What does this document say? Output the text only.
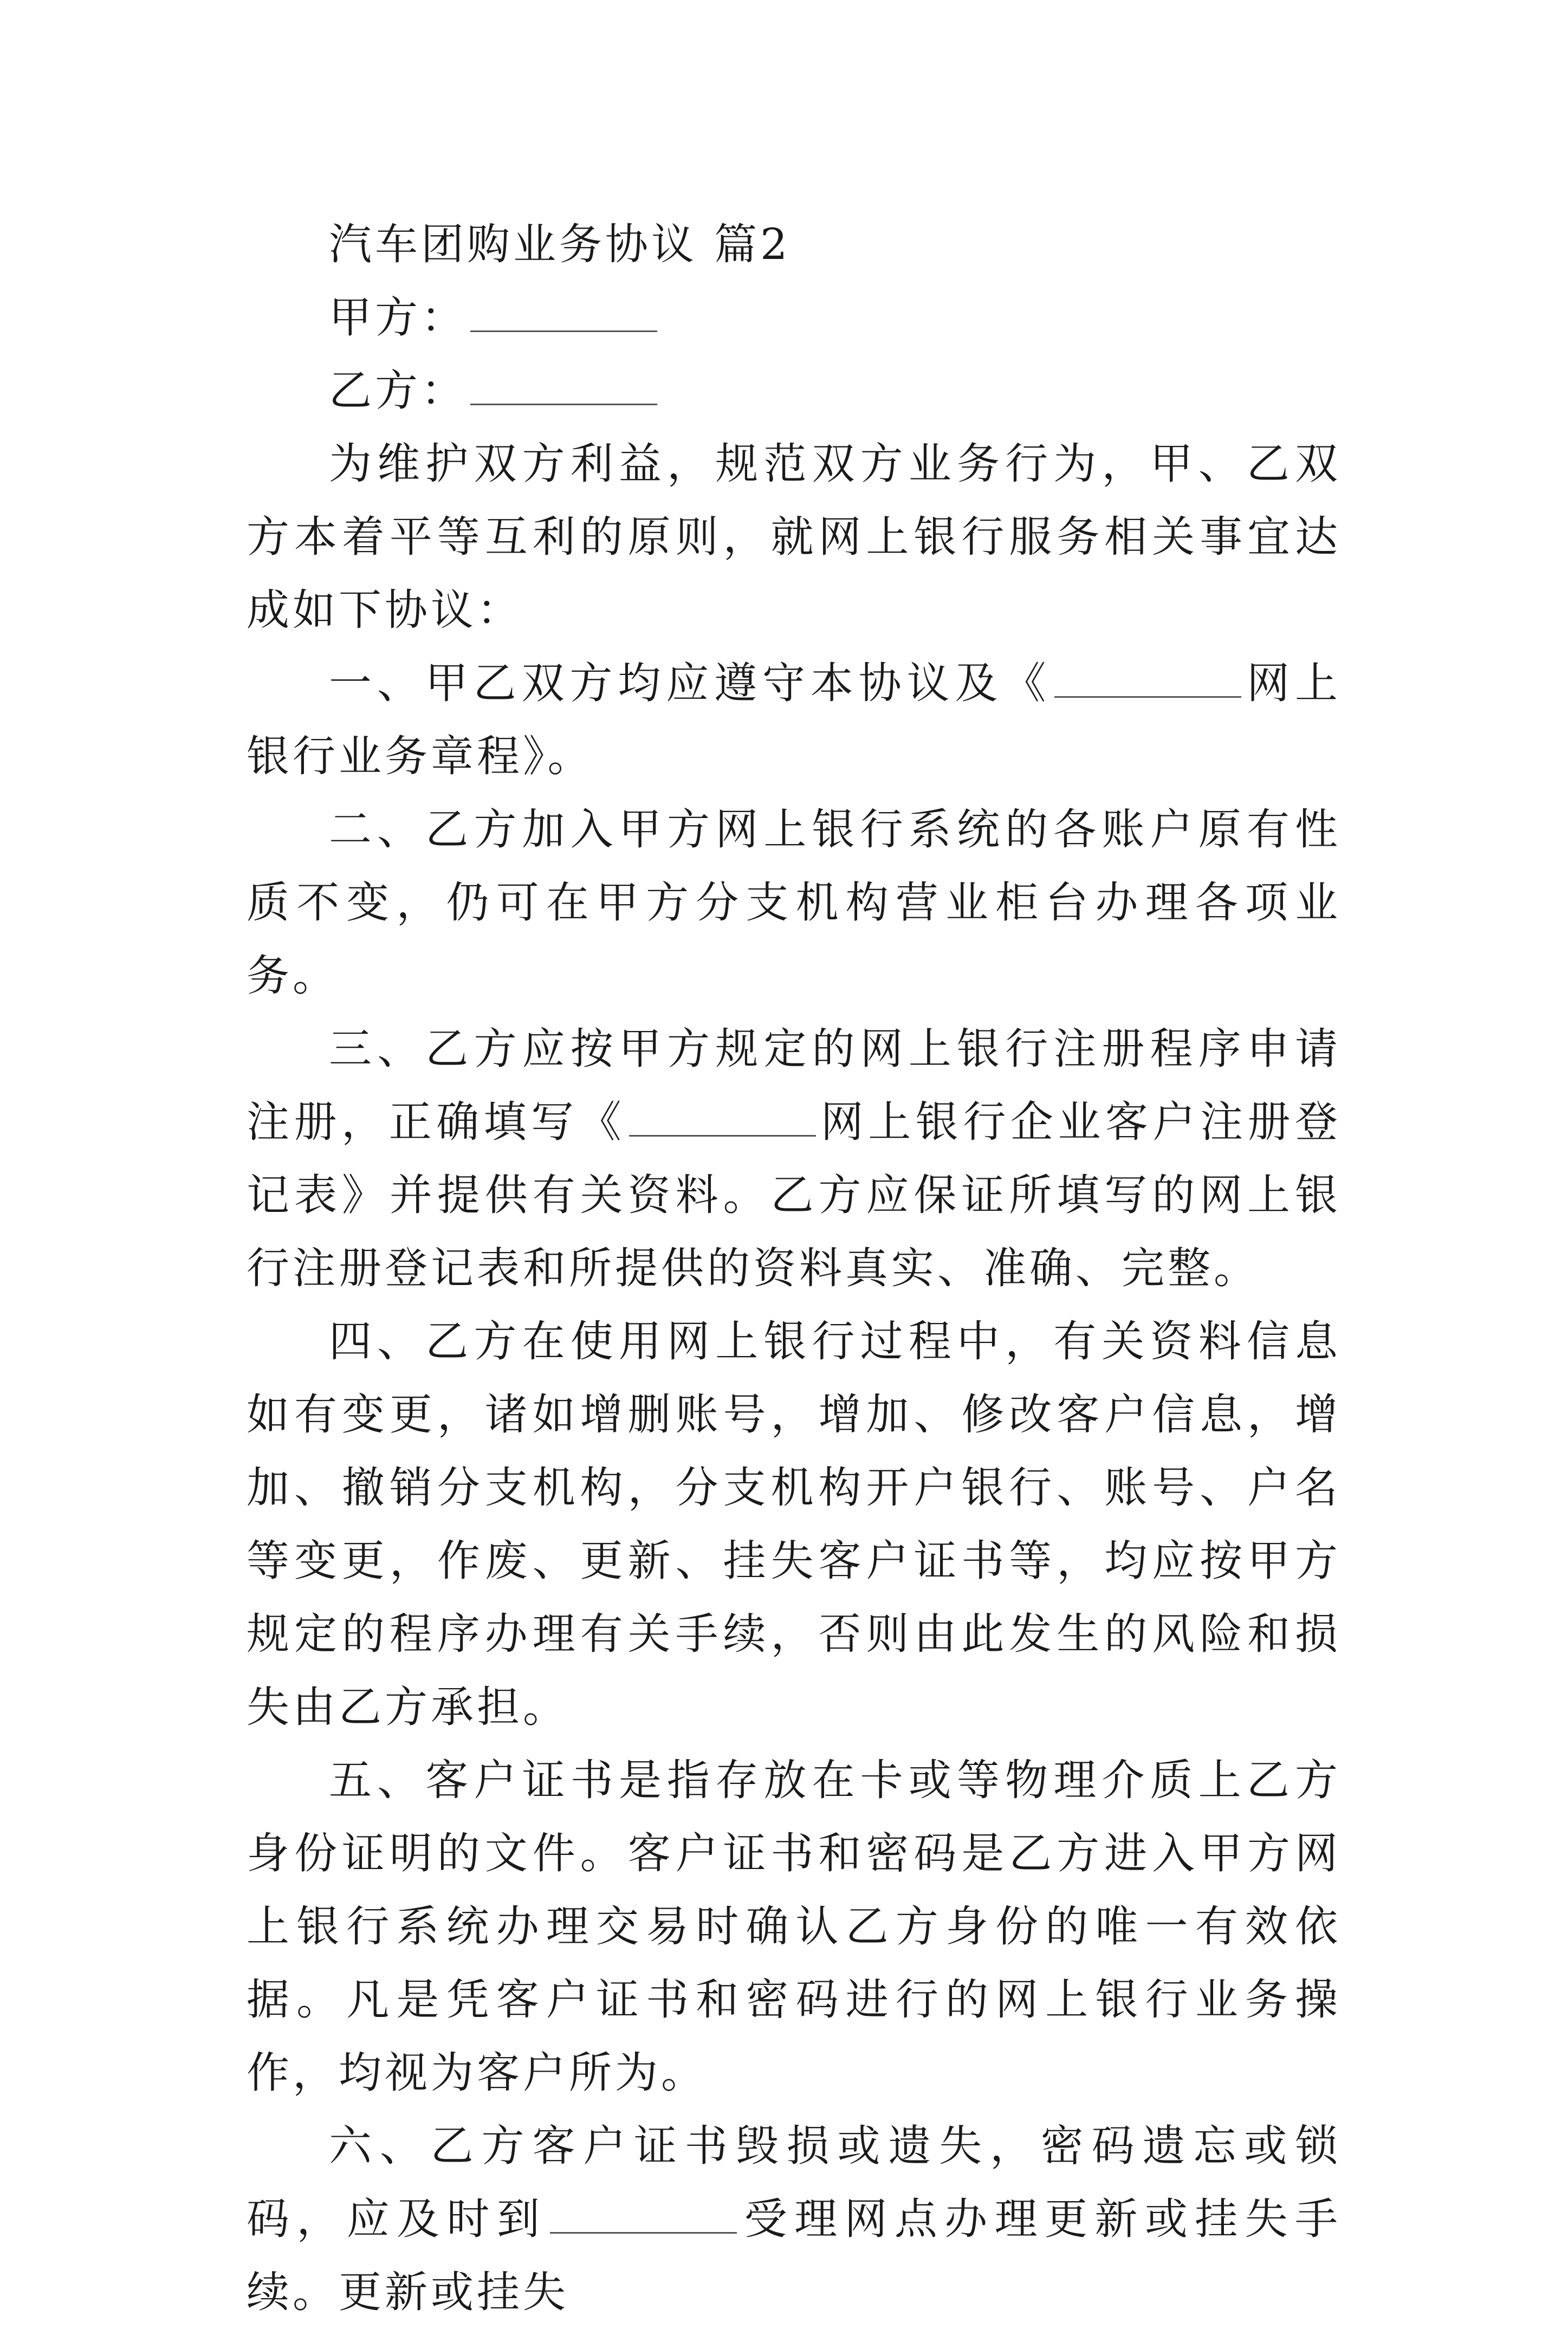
汽车团购业务协议 篇2

甲方：

乙方：

为维护双方利益，规范双方业务行为，甲、乙双方本着平等互利的原则，就网上银行服务相关事宜达成如下协议：

一、甲乙双方均应遵守本协议及《	网上银行业务章程》。

二、乙方加入甲方网上银行系统的各账户原有性质不变，仍可在甲方分支机构营业柜台办理各项业务。

三、乙方应按甲方规定的网上银行注册程序申请注册，正确填写《	网上银行企业客户注册登记表》并提供有关资料。乙方应保证所填写的网上银行注册登记表和所提供的资料真实、准确、完整。

四、乙方在使用网上银行过程中，有关资料信息如有变更，诸如增删账号，增加、修改客户信息，增加、撤销分支机构，分支机构开户银行、账号、户名等变更，作废、更新、挂失客户证书等，均应按甲方规定的程序办理有关手续，否则由此发生的风险和损失由乙方承担。

五、客户证书是指存放在卡或等物理介质上乙方身份证明的文件。客户证书和密码是乙方进入甲方网上银行系统办理交易时确认乙方身份的唯一有效依据。凡是凭客户证书和密码进行的网上银行业务操作，均视为客户所为。

六、乙方客户证书毁损或遗失，密码遗忘或锁码，应及时到	受理网点办理更新或挂失手续。更新或挂失
